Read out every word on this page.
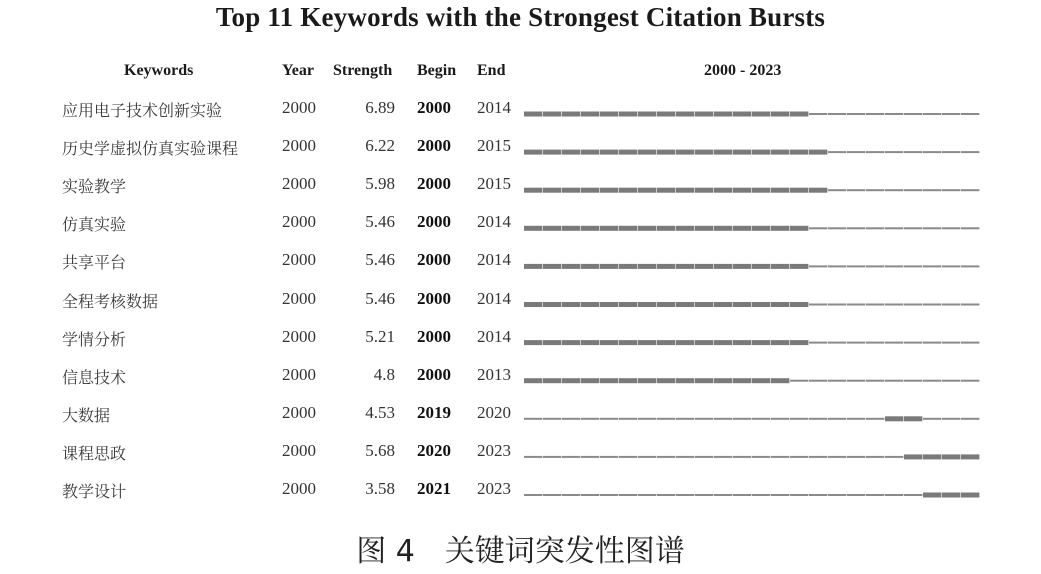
Top 11 Keywords with the Strongest Citation Bursts
Keywords	Year Strength Begin End	2000 - 2023
应用电子技术创新实验	2000	6.89 2000 2014
历史学虚拟仿真实验课程	2000	6.22 2000 2015
实验教学	2000	5.98 2000 2015
仿真实验	2000	5.46 2000 2014
共享平台	2000	5.46 2000 2014
全程考核数据	2000	5.46 2000 2014
学情分析	2000	5.21 2000 2014
信息技术	2000	4.8 2000 2013
大数据	2000	4.53 2019 2020
课程思政	2000	5.68 2020 2023
教学设计	2000	3.58 2021 2023
图 4　关键词突发性图谱
